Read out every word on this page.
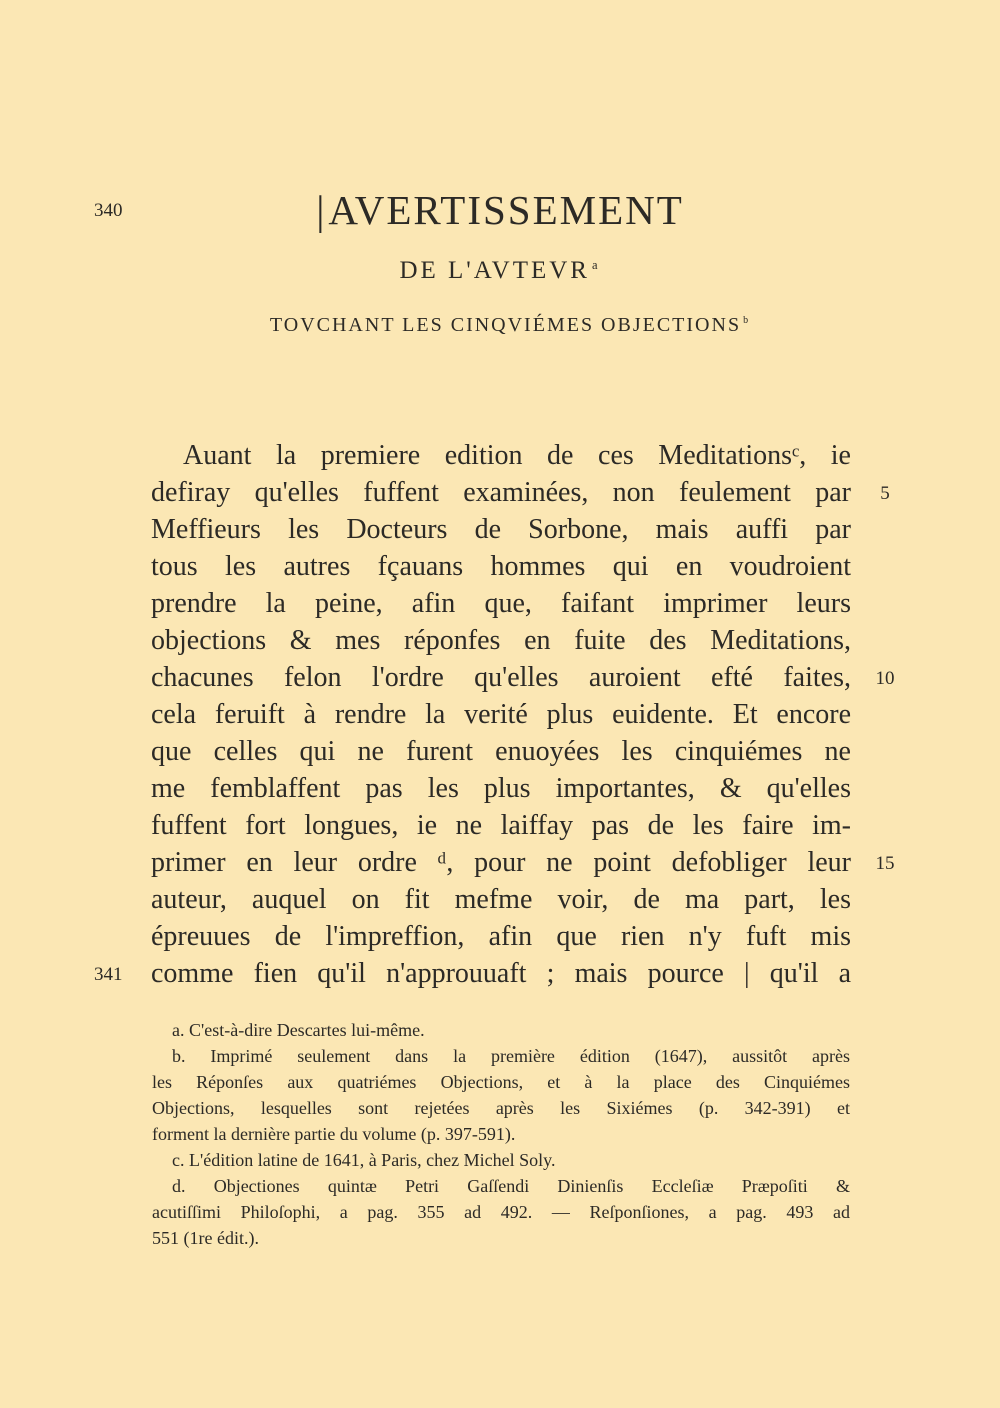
340
341
|AVERTISSEMENT
DE L'AVTEVR $^a$
TOVCHANT LES CINQVIÉMES OBJECTIONS $^b$
Auant la premiere edition de ces Meditationsᶜ, ie
defiray qu'elles fuffent examinées, non feulement par
Meffieurs les Docteurs de Sorbone, mais auffi par
tous les autres fçauans hommes qui en voudroient
prendre la peine, afin que, faifant imprimer leurs
objections & mes réponfes en fuite des Meditations,
chacunes felon l'ordre qu'elles auroient efté faites,
cela feruift à rendre la verité plus euidente. Et encore
que celles qui ne furent enuoyées les cinquiémes ne
me femblaffent pas les plus importantes, & qu'elles
fuffent fort longues, ie ne laiffay pas de les faire im-
primer en leur ordre ᵈ, pour ne point defobliger leur
auteur, auquel on fit mefme voir, de ma part, les
épreuues de l'impreffion, afin que rien n'y fuft mis
comme fien qu'il n'approuuaft ; mais pource | qu'il a
5
10
15
a. C'est-à-dire Descartes lui-même.
b. Imprimé seulement dans la première édition (1647), aussitôt après
les Réponſes aux quatriémes Objections, et à la place des Cinquiémes
Objections, lesquelles sont rejetées après les Sixiémes (p. 342-391) et
forment la dernière partie du volume (p. 397-591).
c. L'édition latine de 1641, à Paris, chez Michel Soly.
d. Objectiones quintæ Petri Gaſſendi Dinienſis Eccleſiæ Præpoſiti &
acutiſſimi Philoſophi, a pag. 355 ad 492. — Reſponſiones, a pag. 493 ad
551 (1re édit.).
